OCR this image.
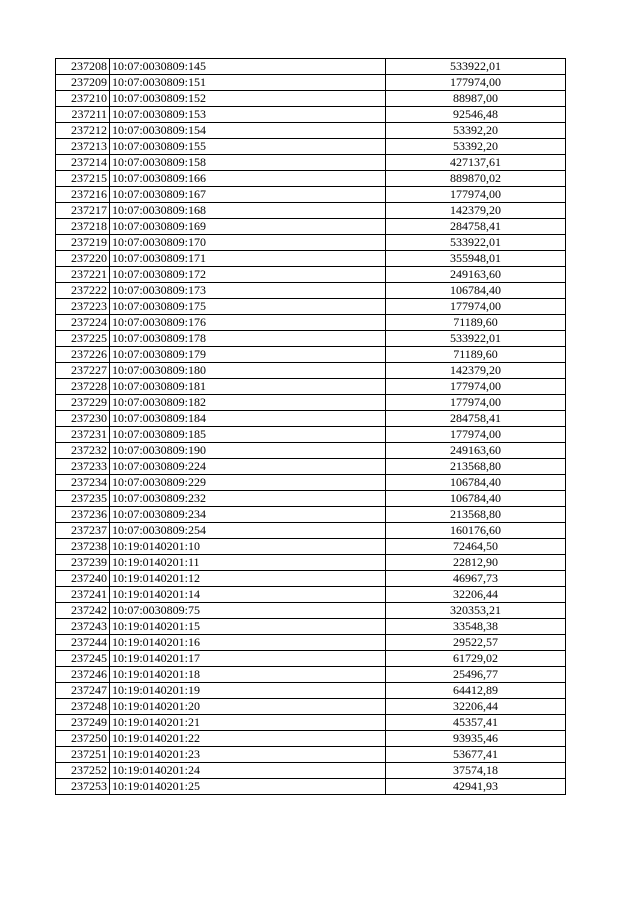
237208	10:07:0030809:145	533922,01
237209	10:07:0030809:151	177974,00
237210	10:07:0030809:152	88987,00
237211	10:07:0030809:153	92546,48
237212	10:07:0030809:154	53392,20
237213	10:07:0030809:155	53392,20
237214	10:07:0030809:158	427137,61
237215	10:07:0030809:166	889870,02
237216	10:07:0030809:167	177974,00
237217	10:07:0030809:168	142379,20
237218	10:07:0030809:169	284758,41
237219	10:07:0030809:170	533922,01
237220	10:07:0030809:171	355948,01
237221	10:07:0030809:172	249163,60
237222	10:07:0030809:173	106784,40
237223	10:07:0030809:175	177974,00
237224	10:07:0030809:176	71189,60
237225	10:07:0030809:178	533922,01
237226	10:07:0030809:179	71189,60
237227	10:07:0030809:180	142379,20
237228	10:07:0030809:181	177974,00
237229	10:07:0030809:182	177974,00
237230	10:07:0030809:184	284758,41
237231	10:07:0030809:185	177974,00
237232	10:07:0030809:190	249163,60
237233	10:07:0030809:224	213568,80
237234	10:07:0030809:229	106784,40
237235	10:07:0030809:232	106784,40
237236	10:07:0030809:234	213568,80
237237	10:07:0030809:254	160176,60
237238	10:19:0140201:10	72464,50
237239	10:19:0140201:11	22812,90
237240	10:19:0140201:12	46967,73
237241	10:19:0140201:14	32206,44
237242	10:07:0030809:75	320353,21
237243	10:19:0140201:15	33548,38
237244	10:19:0140201:16	29522,57
237245	10:19:0140201:17	61729,02
237246	10:19:0140201:18	25496,77
237247	10:19:0140201:19	64412,89
237248	10:19:0140201:20	32206,44
237249	10:19:0140201:21	45357,41
237250	10:19:0140201:22	93935,46
237251	10:19:0140201:23	53677,41
237252	10:19:0140201:24	37574,18
237253	10:19:0140201:25	42941,93
